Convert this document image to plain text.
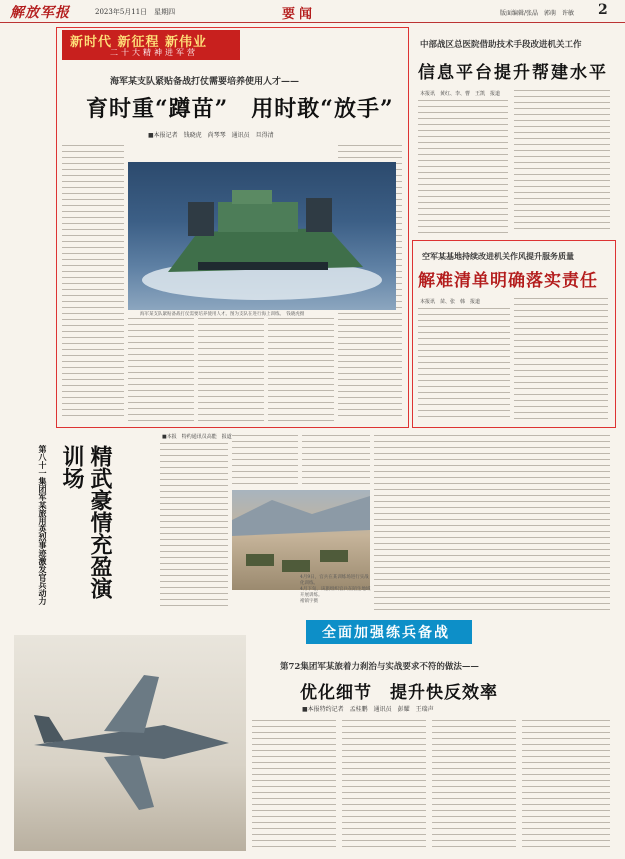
解放军报	2023年5月11日　星期四	要闻	版面编辑/张晶　郭萌　许敏 2
新时代 新征程 新伟业
二十大精神进军营
海军某支队紧贴备战打仗需要培养使用人才——
育时重“蹲苗”　用时敢“放手”
■本报记者　钱晓虎　尚琴琴　通讯员　旦得清
海军某支队紧贴备战打仗需要培养使用人才。图为支队在进行海上训练。　钱晓虎摄
中部战区总医院借助技术手段改进机关工作
信息平台提升帮建水平
本报讯　黄红、李、曹　王凯　报道
空军某基地持续改进机关作风提升服务质量
解难清单明确落实责任
本报讯　苗、张　韩　报道
第八十一集团军某旅用英烈事迹激发官兵动力	精武豪情充盈演训场
■本报　特约通讯员高能　报道
4月9日，官兵在某训练场进行实战化训练。
4月下旬，该旅组织官兵在陌生地域开展训练。
褚镇宇摄
全面加强练兵备战
第72集团军某旅着力刹治与实战要求不符的做法——
优化细节　提升快反效率
■本报特约记者　孟桂鹏　通讯员　彭耀　王瑞声
